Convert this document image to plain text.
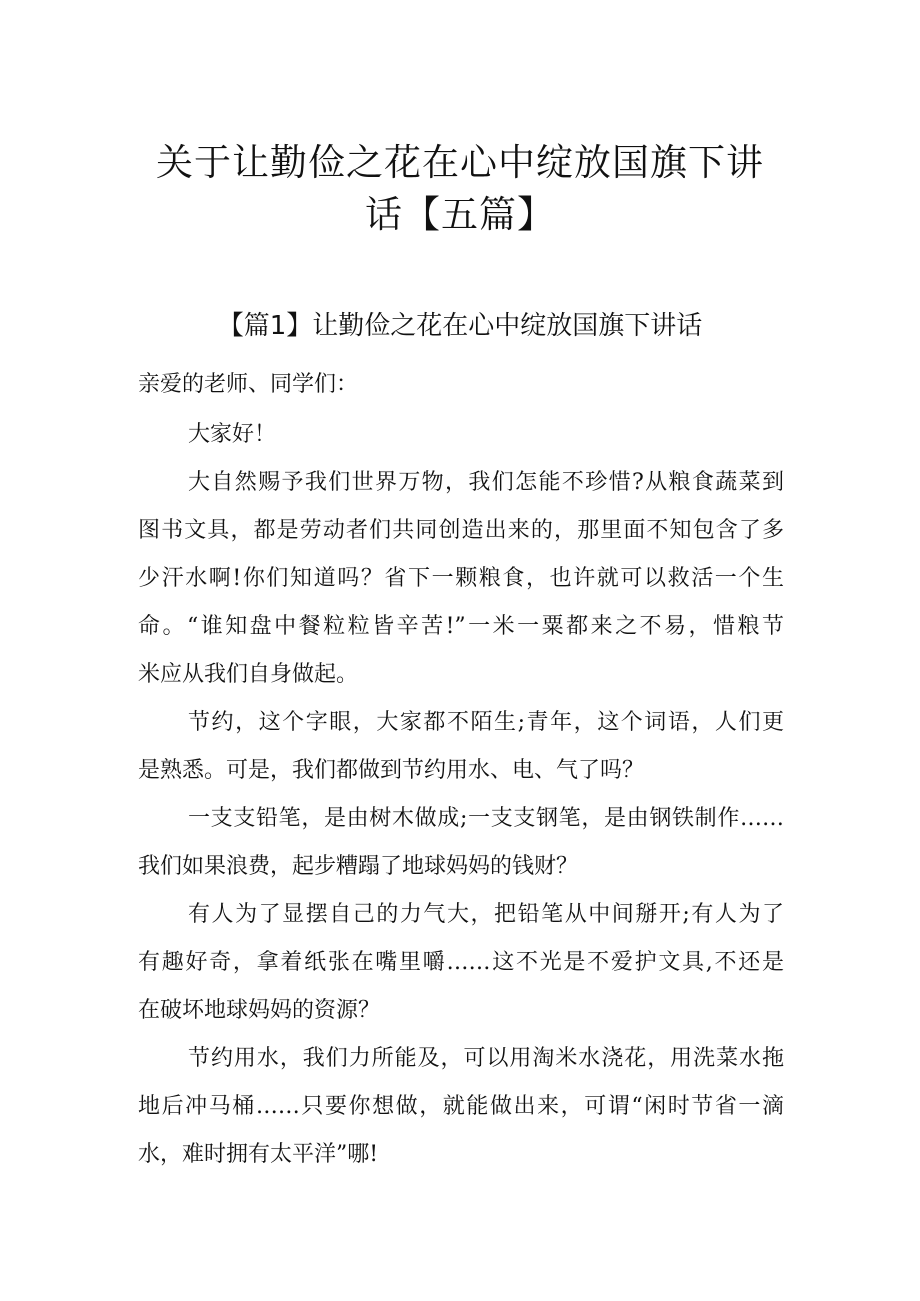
关于让勤俭之花在心中绽放国旗下讲
话【五篇】
【篇1】让勤俭之花在心中绽放国旗下讲话
亲爱的老师、同学们：
大家好！
大自然赐予我们世界万物，我们怎能不珍惜?从粮食蔬菜到
图书文具，都是劳动者们共同创造出来的，那里面不知包含了多
少汗水啊!你们知道吗？省下一颗粮食，也许就可以救活一个生
命。“谁知盘中餐粒粒皆辛苦!”一米一粟都来之不易，惜粮节
米应从我们自身做起。
节约，这个字眼，大家都不陌生;青年，这个词语，人们更
是熟悉。可是，我们都做到节约用水、电、气了吗？
一支支铅笔，是由树木做成;一支支钢笔，是由钢铁制作……
我们如果浪费，起步糟蹋了地球妈妈的钱财？
有人为了显摆自己的力气大，把铅笔从中间掰开;有人为了
有趣好奇，拿着纸张在嘴里嚼……这不光是不爱护文具,不还是
在破坏地球妈妈的资源？
节约用水，我们力所能及，可以用淘米水浇花，用洗菜水拖
地后冲马桶……只要你想做，就能做出来，可谓“闲时节省一滴
水，难时拥有太平洋”哪!
